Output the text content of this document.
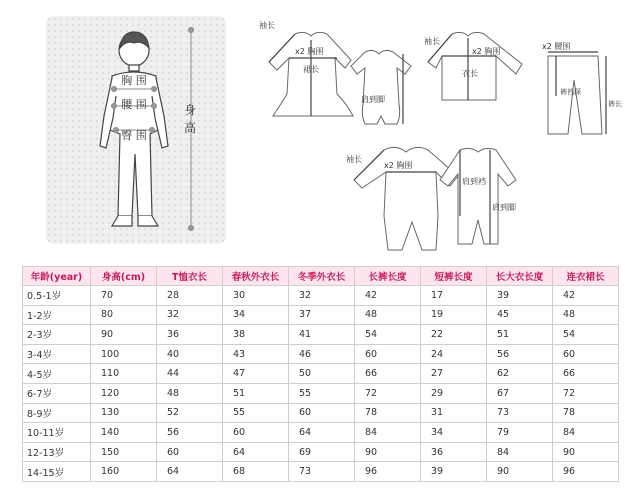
胸 围
腰 围
臀 围
身
高
袖长
x2 胸围
裙长
肩到脚
袖长
x2 胸围
衣长
x2 腰围
裤裆深
裤长
袖长
x2 胸围
肩到裆
肩到脚
年龄(year)	身高(cm)	T恤衣长	春秋外衣长	冬季外衣长	长裤长度	短裤长度	长大衣长度	连衣裙长
0.5-1岁	70	28	30	32	42	17	39	42
1-2岁	80	32	34	37	48	19	45	48
2-3岁	90	36	38	41	54	22	51	54
3-4岁	100	40	43	46	60	24	56	60
4-5岁	110	44	47	50	66	27	62	66
6-7岁	120	48	51	55	72	29	67	72
8-9岁	130	52	55	60	78	31	73	78
10-11岁	140	56	60	64	84	34	79	84
12-13岁	150	60	64	69	90	36	84	90
14-15岁	160	64	68	73	96	39	90	96
